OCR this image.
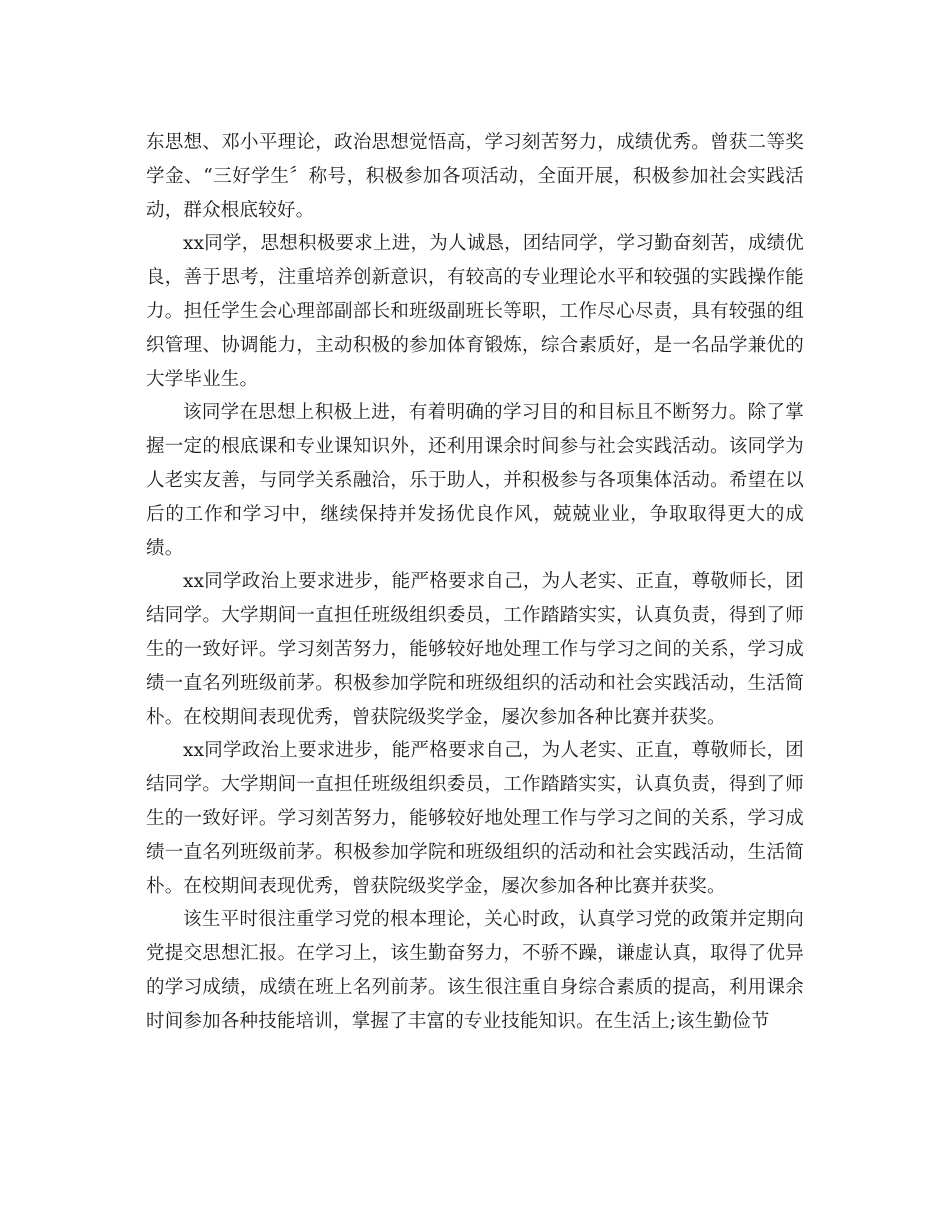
东思想、邓小平理论，政治思想觉悟高，学习刻苦努力，成绩优秀。曾获二等奖学金、“三好学生〞称号，积极参加各项活动，全面开展，积极参加社会实践活动，群众根底较好。

xx同学，思想积极要求上进，为人诚恳，团结同学，学习勤奋刻苦，成绩优良，善于思考，注重培养创新意识，有较高的专业理论水平和较强的实践操作能力。担任学生会心理部副部长和班级副班长等职，工作尽心尽责，具有较强的组织管理、协调能力，主动积极的参加体育锻炼，综合素质好，是一名品学兼优的大学毕业生。

该同学在思想上积极上进，有着明确的学习目的和目标且不断努力。除了掌握一定的根底课和专业课知识外，还利用课余时间参与社会实践活动。该同学为人老实友善，与同学关系融洽，乐于助人，并积极参与各项集体活动。希望在以后的工作和学习中，继续保持并发扬优良作风，兢兢业业，争取取得更大的成绩。

xx同学政治上要求进步，能严格要求自己，为人老实、正直，尊敬师长，团结同学。大学期间一直担任班级组织委员，工作踏踏实实，认真负责，得到了师生的一致好评。学习刻苦努力，能够较好地处理工作与学习之间的关系，学习成绩一直名列班级前茅。积极参加学院和班级组织的活动和社会实践活动，生活简朴。在校期间表现优秀，曾获院级奖学金，屡次参加各种比赛并获奖。

xx同学政治上要求进步，能严格要求自己，为人老实、正直，尊敬师长，团结同学。大学期间一直担任班级组织委员，工作踏踏实实，认真负责，得到了师生的一致好评。学习刻苦努力，能够较好地处理工作与学习之间的关系，学习成绩一直名列班级前茅。积极参加学院和班级组织的活动和社会实践活动，生活简朴。在校期间表现优秀，曾获院级奖学金，屡次参加各种比赛并获奖。

该生平时很注重学习党的根本理论，关心时政，认真学习党的政策并定期向党提交思想汇报。在学习上，该生勤奋努力，不骄不躁，谦虚认真，取得了优异的学习成绩，成绩在班上名列前茅。该生很注重自身综合素质的提高，利用课余时间参加各种技能培训，掌握了丰富的专业技能知识。在生活上;该生勤俭节
